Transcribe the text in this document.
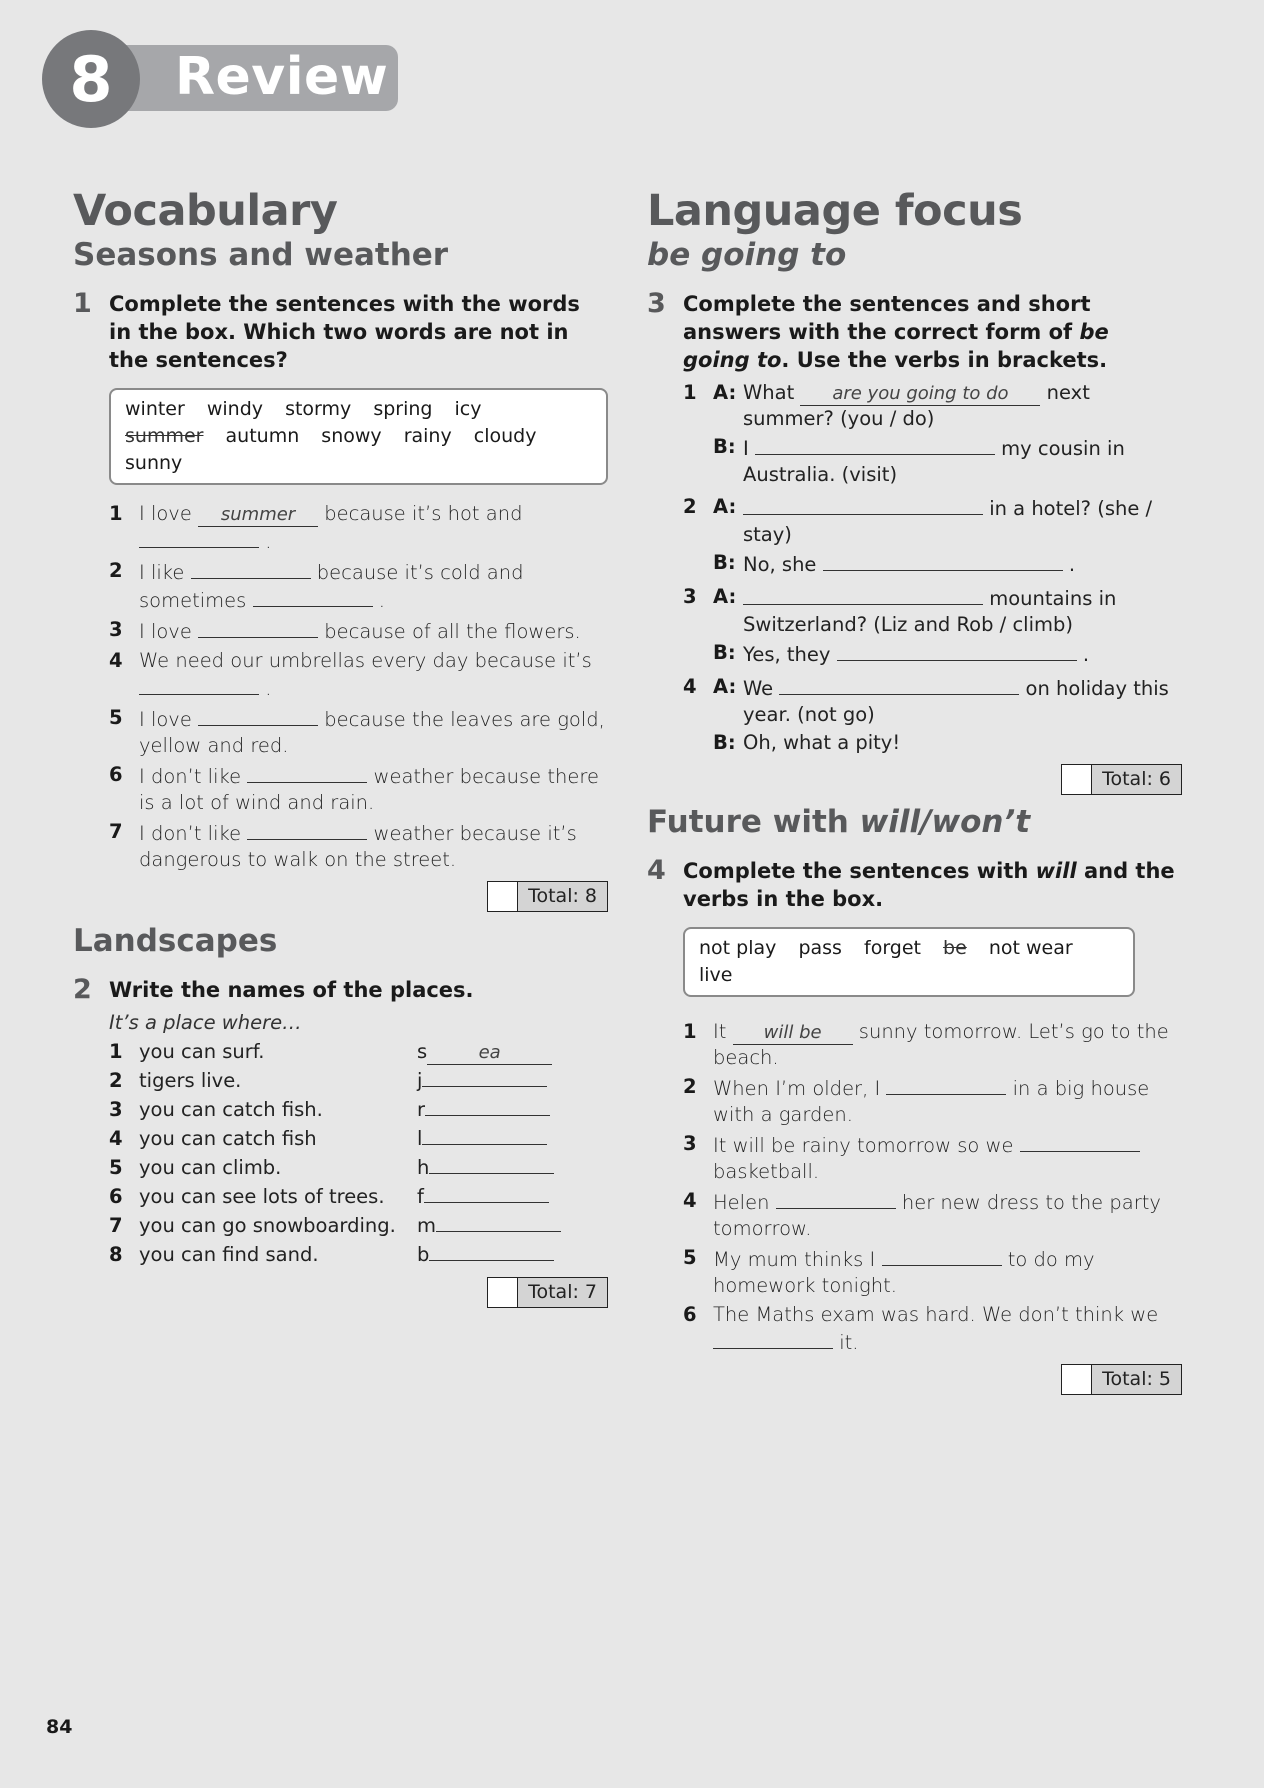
8	Review
Vocabulary
Seasons and weather
1 Complete the sentences with the words in the box. Which two words are not in the sentences?
winter windy stormy spring icy summer autumn snowy rainy cloudy sunny
1 I love summer because it’s hot and
.
2 I like	because it’s cold and sometimes	.
3 I love	because of all the flowers.
4 We need our umbrellas every day because it’s  .
5 I love	because the leaves are gold, yellow and red.
6 I don’t like	weather because there is a lot of wind and rain.
7 I don’t like	weather because it’s dangerous to walk on the street.
Total: 8
Landscapes
2 Write the names of the places.
It’s a place where…
1 you can surf.	s	ea
2 tigers live.	j
3 you can catch fish.	r
4 you can catch fish	l
5 you can climb.	h
6 you can see lots of trees.	f
7 you can go snowboarding.	m
8 you can find sand.	b
Total: 7
Language focus
be going to
3 Complete the sentences and short answers with the correct form of be going to. Use the verbs in brackets.
1 A: What are you going to do next summer? (you / do)
B: I	my cousin in Australia. (visit)
2 A:	in a hotel? (she / stay)
B: No, she	.
3 A:	mountains in Switzerland? (Liz and Rob / climb)
B: Yes, they	.
4 A: We	on holiday this year. (not go)
B: Oh, what a pity!
Total: 6
Future with will/won’t
4 Complete the sentences with will and the verbs in the box.
not play pass forget be not wear live
1 It will be sunny tomorrow. Let’s go to the beach.
2 When I’m older, I	in a big house with a garden.
3 It will be rainy tomorrow so we  basketball.
4 Helen	her new dress to the party tomorrow.
5 My mum thinks I	to do my homework tonight.
6 The Maths exam was hard. We don’t think we  it.
Total: 5
84
